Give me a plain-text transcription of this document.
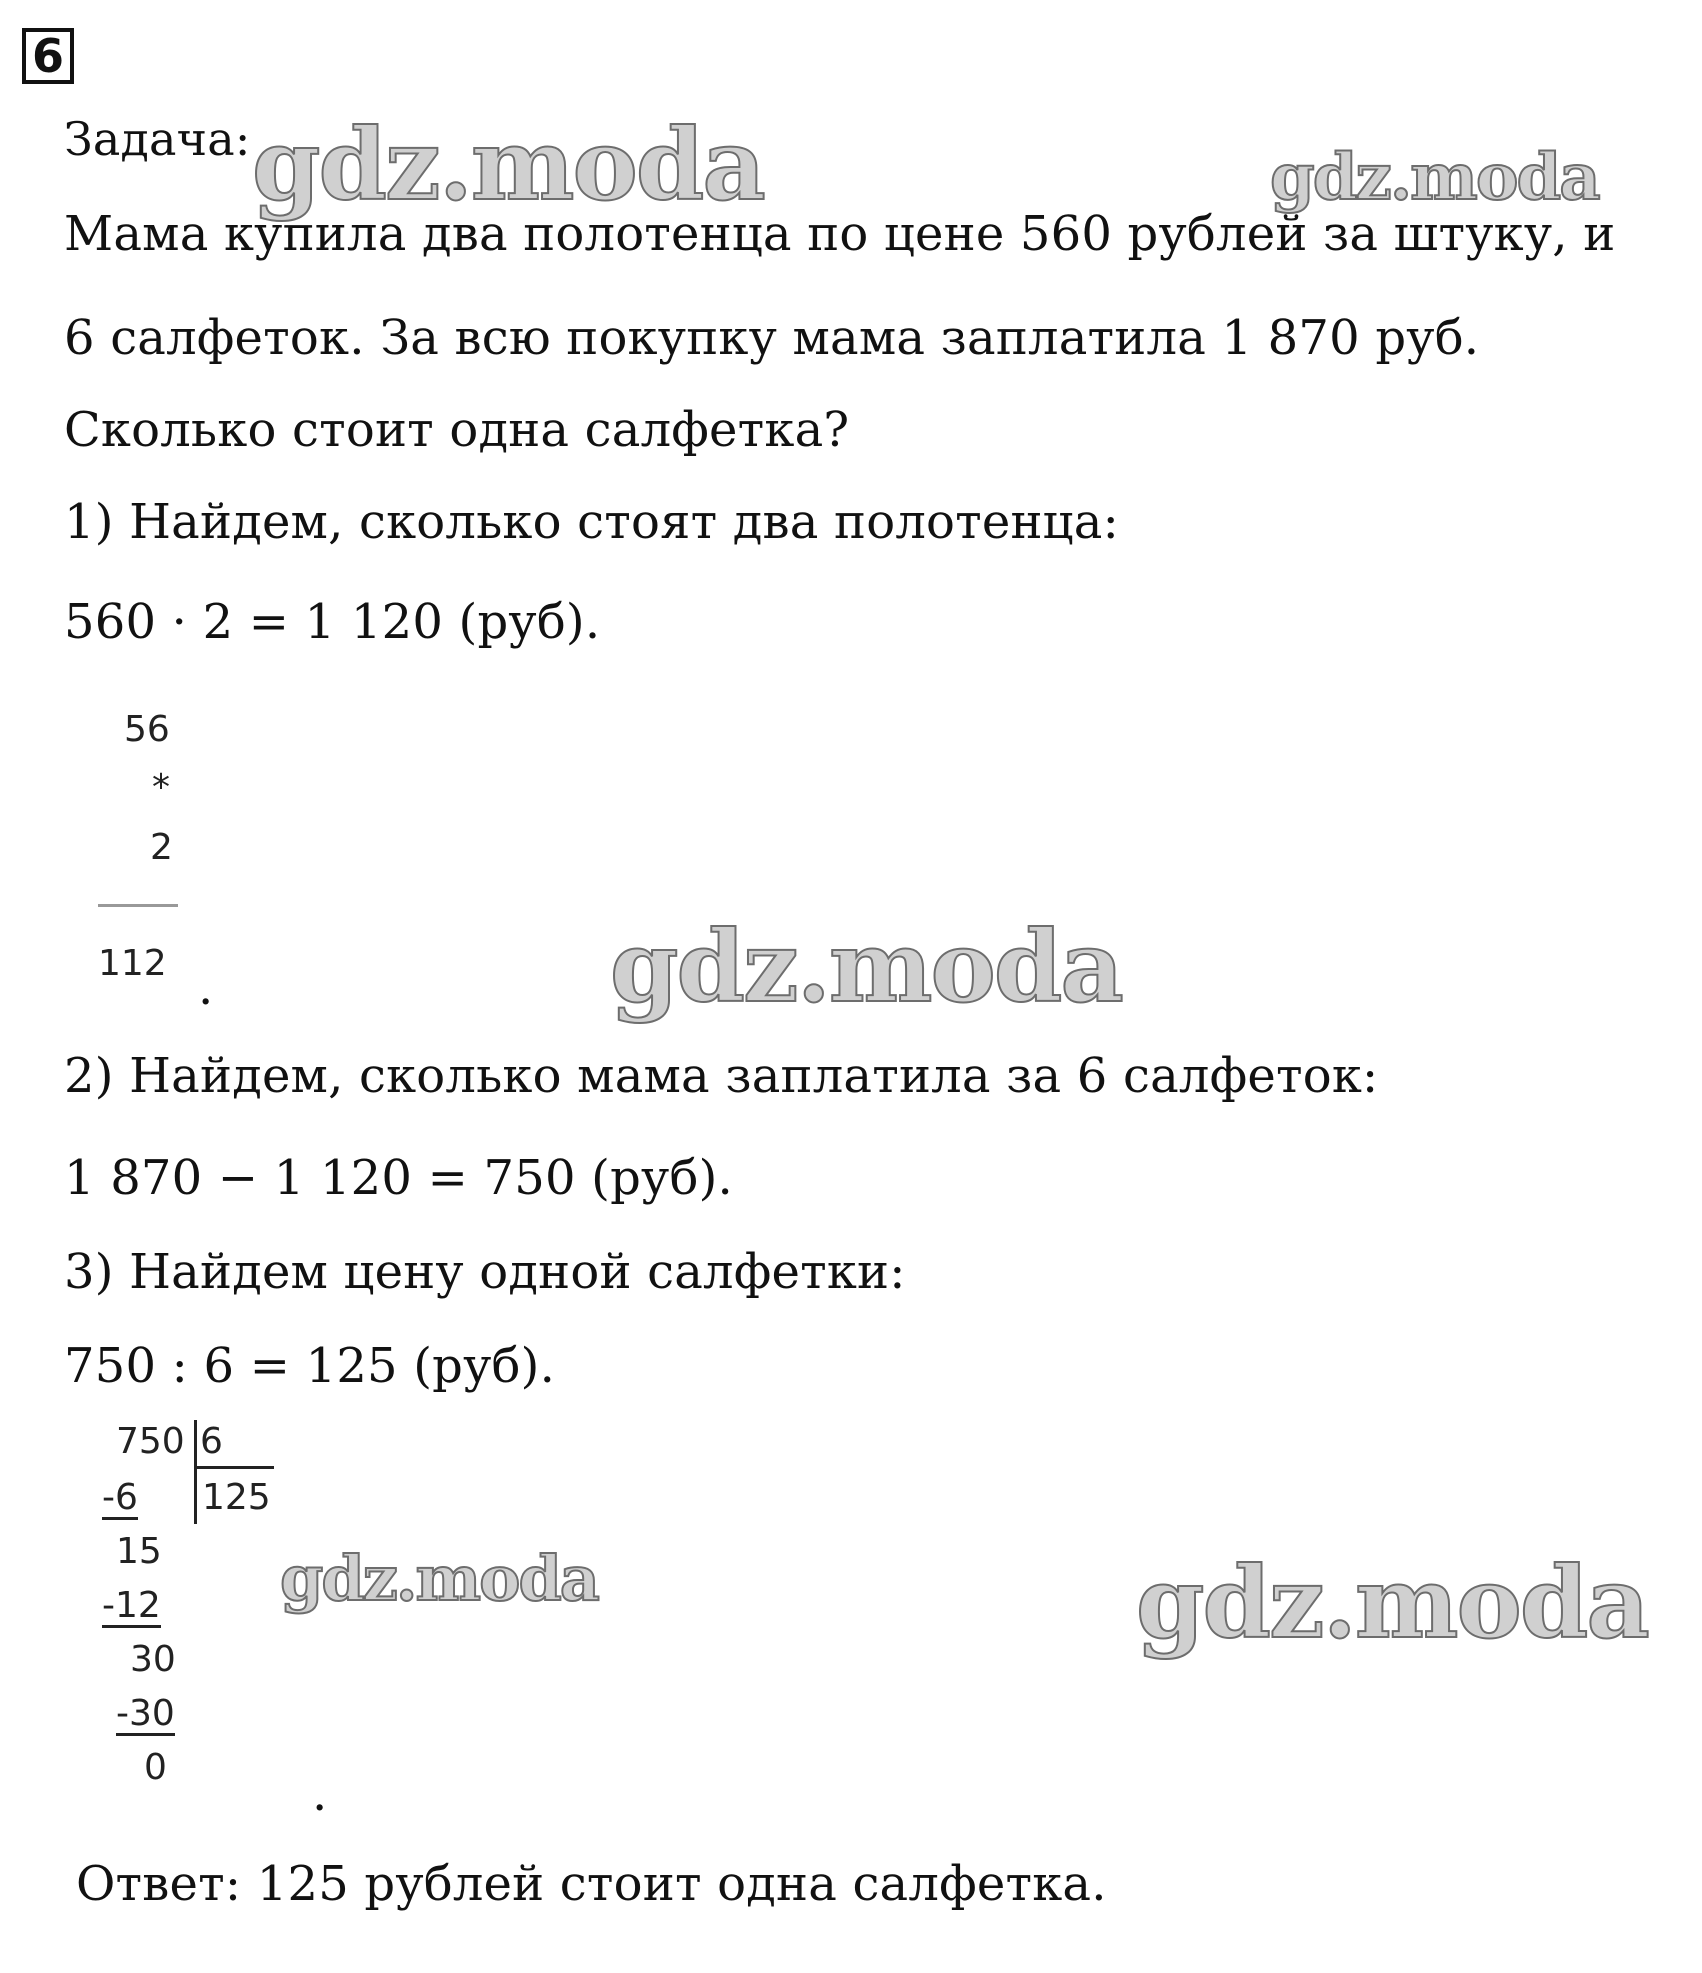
6
gdz.moda	gdz.moda
gdz.moda
gdz.moda	gdz.moda
Задача:
Мама купила два полотенца по цене 560 рублей за штуку, и
6 салфеток. За всю покупку мама заплатила 1 870 руб.
Сколько стоит одна салфетка?
1) Найдем, сколько стоят два полотенца:
560 · 2 = 1 120 (руб).
56
*
2
112 .
2) Найдем, сколько мама заплатила за 6 салфеток:
1 870 − 1 120 = 750 (руб).
3) Найдем цену одной салфетки:
750 : 6 = 125 (руб).
750 6
125
-6
15
-12
30
-30
0	.
Ответ: 125 рублей стоит одна салфетка.
